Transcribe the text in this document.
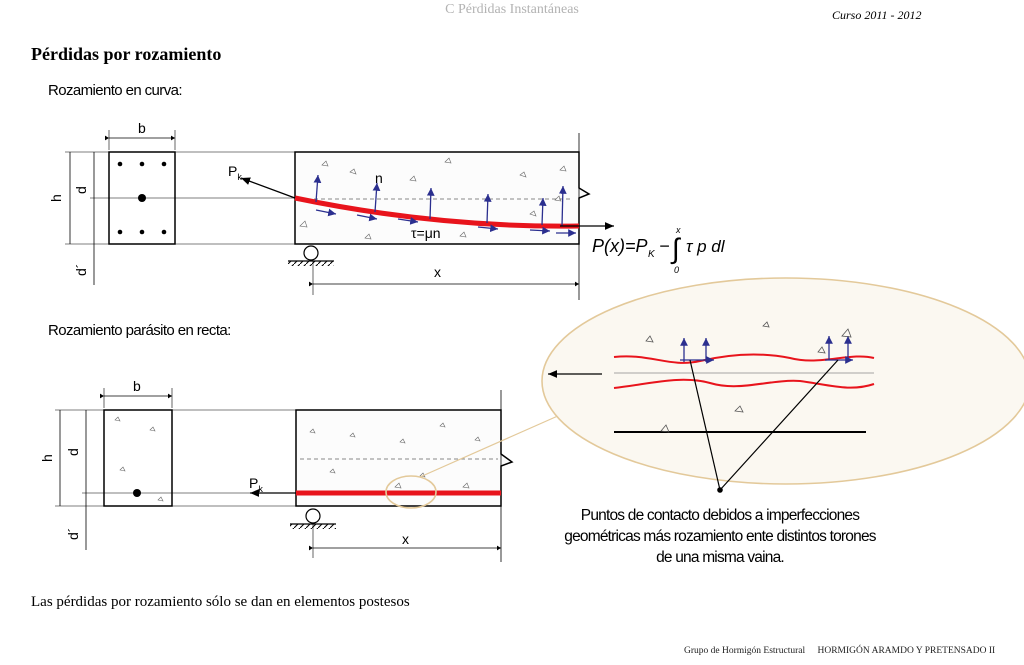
C Pérdidas Instantáneas	Curso 2011 - 2012
Pérdidas por rozamiento
Rozamiento en curva:
Rozamiento parásito en recta:
b
h
d
d´
$P_k$	n
τ=μn
x
P(x)=P K − ∫
x
0
τ p dl
b
h
d
d´
$P_k$
x
Puntos de contacto debidos a imperfecciones geométricas más rozamiento ente distintos torones de una misma vaina.
Las pérdidas por rozamiento sólo se dan en elementos postesos
Grupo de Hormigón Estructural HORMIGÓN ARAMDO Y PRETENSADO II
